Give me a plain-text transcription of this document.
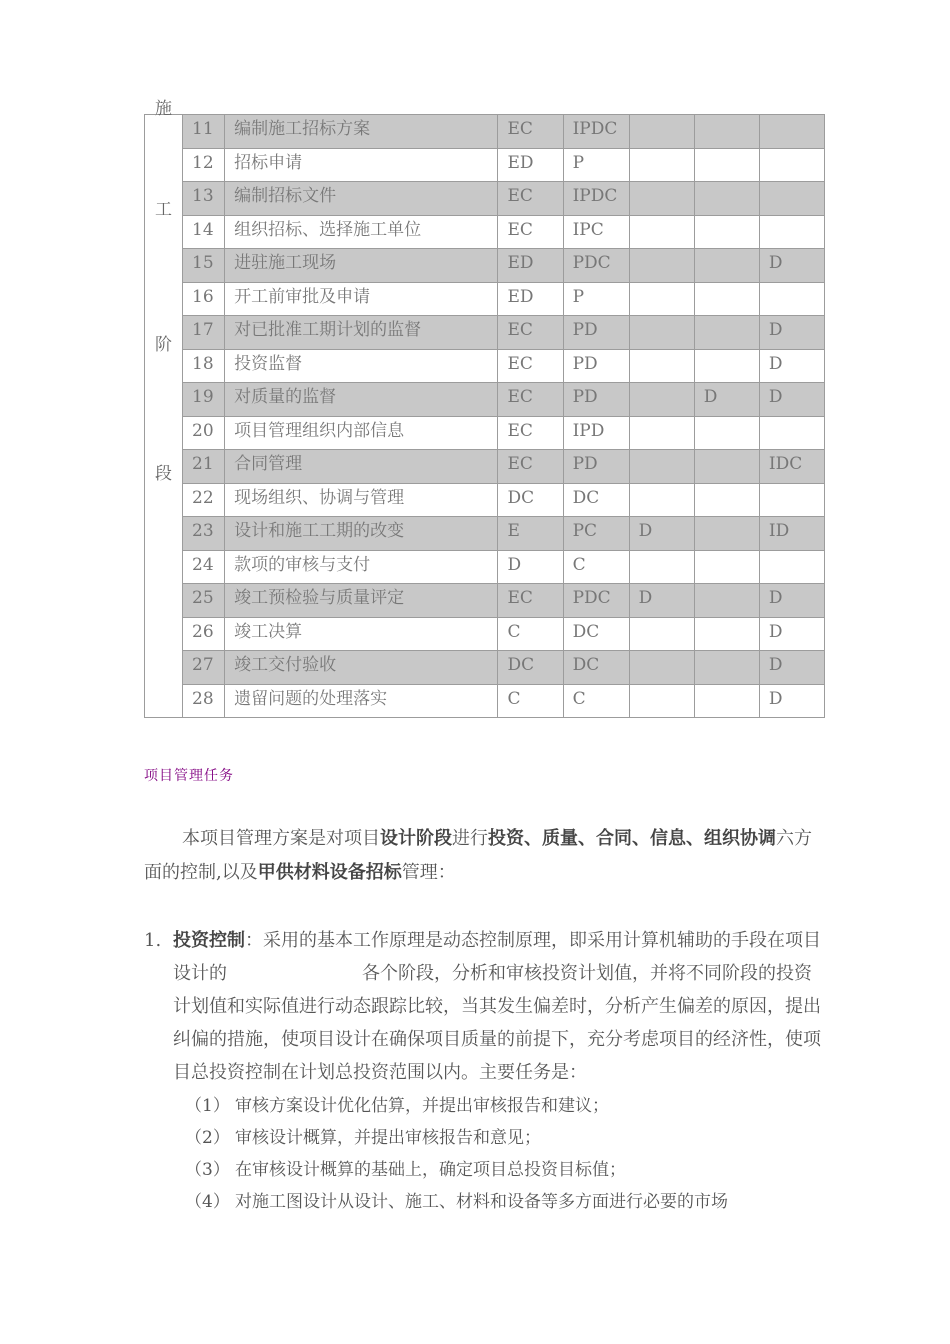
施
工
阶
段	11	编制施工招标方案	EC	IPDC			
	12	招标申请	ED	P			
	13	编制招标文件	EC	IPDC			
	14	组织招标、选择施工单位	EC	IPC			
	15	进驻施工现场	ED	PDC			D
	16	开工前审批及申请	ED	P			
	17	对已批准工期计划的监督	EC	PD			D
	18	投资监督	EC	PD			D
	19	对质量的监督	EC	PD		D	D
	20	项目管理组织内部信息	EC	IPD			
	21	合同管理	EC	PD			IDC
	22	现场组织、协调与管理	DC	DC			
	23	设计和施工工期的改变	E	PC	D		ID
	24	款项的审核与支付	D	C			
	25	竣工预检验与质量评定	EC	PDC	D		D
	26	竣工决算	C	DC			D
	27	竣工交付验收	DC	DC			D
	28	遗留问题的处理落实	C	C			D
项目管理任务

本项目管理方案是对项目设计阶段进行投资、质量、合同、信息、组织协调六方面的控制,以及甲供材料设备招标管理：

1. 投资控制：采用的基本工作原理是动态控制原理，即采用计算机辅助的手段在项目设计的	各个阶段，分析和审核投资计划值，并将不同阶段的投资计划值和实际值进行动态跟踪比较，当其发生偏差时，分析产生偏差的原因，提出纠偏的措施，使项目设计在确保项目质量的前提下，充分考虑项目的经济性，使项目总投资控制在计划总投资范围以内。主要任务是：
（1） 审核方案设计优化估算，并提出审核报告和建议；
（2） 审核设计概算，并提出审核报告和意见；
（3） 在审核设计概算的基础上，确定项目总投资目标值；
（4） 对施工图设计从设计、施工、材料和设备等多方面进行必要的市场
